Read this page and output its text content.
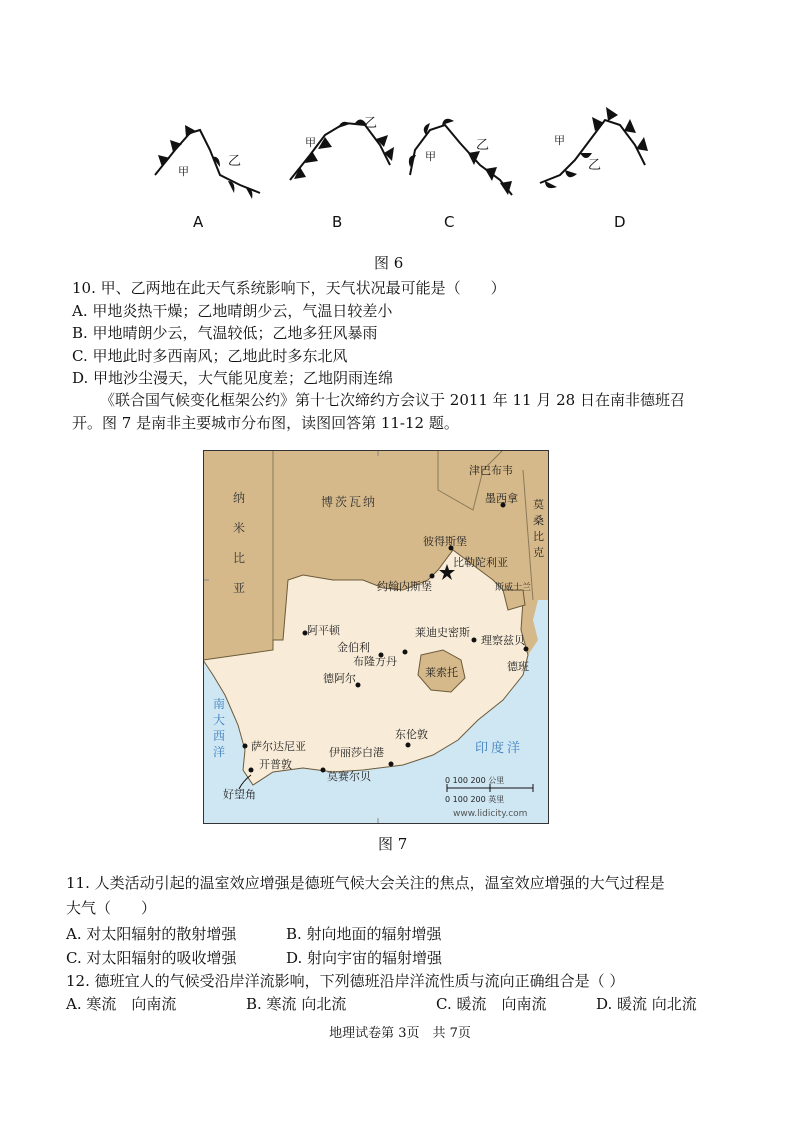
甲
乙
甲
乙
甲
乙	甲
乙
A	B	C	D
图 6
10. 甲、乙两地在此天气系统影响下，天气状况最可能是（　　）
A. 甲地炎热干燥；乙地晴朗少云，气温日较差小
B. 甲地晴朗少云，气温较低；乙地多狂风暴雨
C. 甲地此时多西南风；乙地此时多东北风
D. 甲地沙尘漫天，大气能见度差；乙地阴雨连绵
《联合国气候变化框架公约》第十七次缔约方会议于 2011 年 11 月 28 日在南非德班召
开。图 7 是南非主要城市分布图，读图回答第 11-12 题。
纳
米
比
亚
博茨瓦纳
津巴布韦
莫
桑
比
克
斯威士兰
莱索托
南
大
西
洋	印度洋
墨西拿
彼得斯堡
比勒陀利亚
约翰内斯堡
阿平顿
金伯利
布隆方丹
莱迪史密斯
理察兹贝
德班
德阿尔
萨尔达尼亚
开普敦
好望角
伊丽莎白港
莫赛尔贝
东伦敦
0 100 200 公里
0 100 200 英里
www.lidicity.com
图 7
11. 人类活动引起的温室效应增强是德班气候大会关注的焦点，温室效应增强的大气过程是
大气（　　）
A. 对太阳辐射的散射增强	B. 射向地面的辐射增强
C. 对太阳辐射的吸收增强	D. 射向宇宙的辐射增强
12. 德班宜人的气候受沿岸洋流影响，下列德班沿岸洋流性质与流向正确组合是（ ）
A. 寒流　向南流	B. 寒流 向北流	C. 暖流　向南流	D. 暖流 向北流
地理试卷第 3页　共 7页
